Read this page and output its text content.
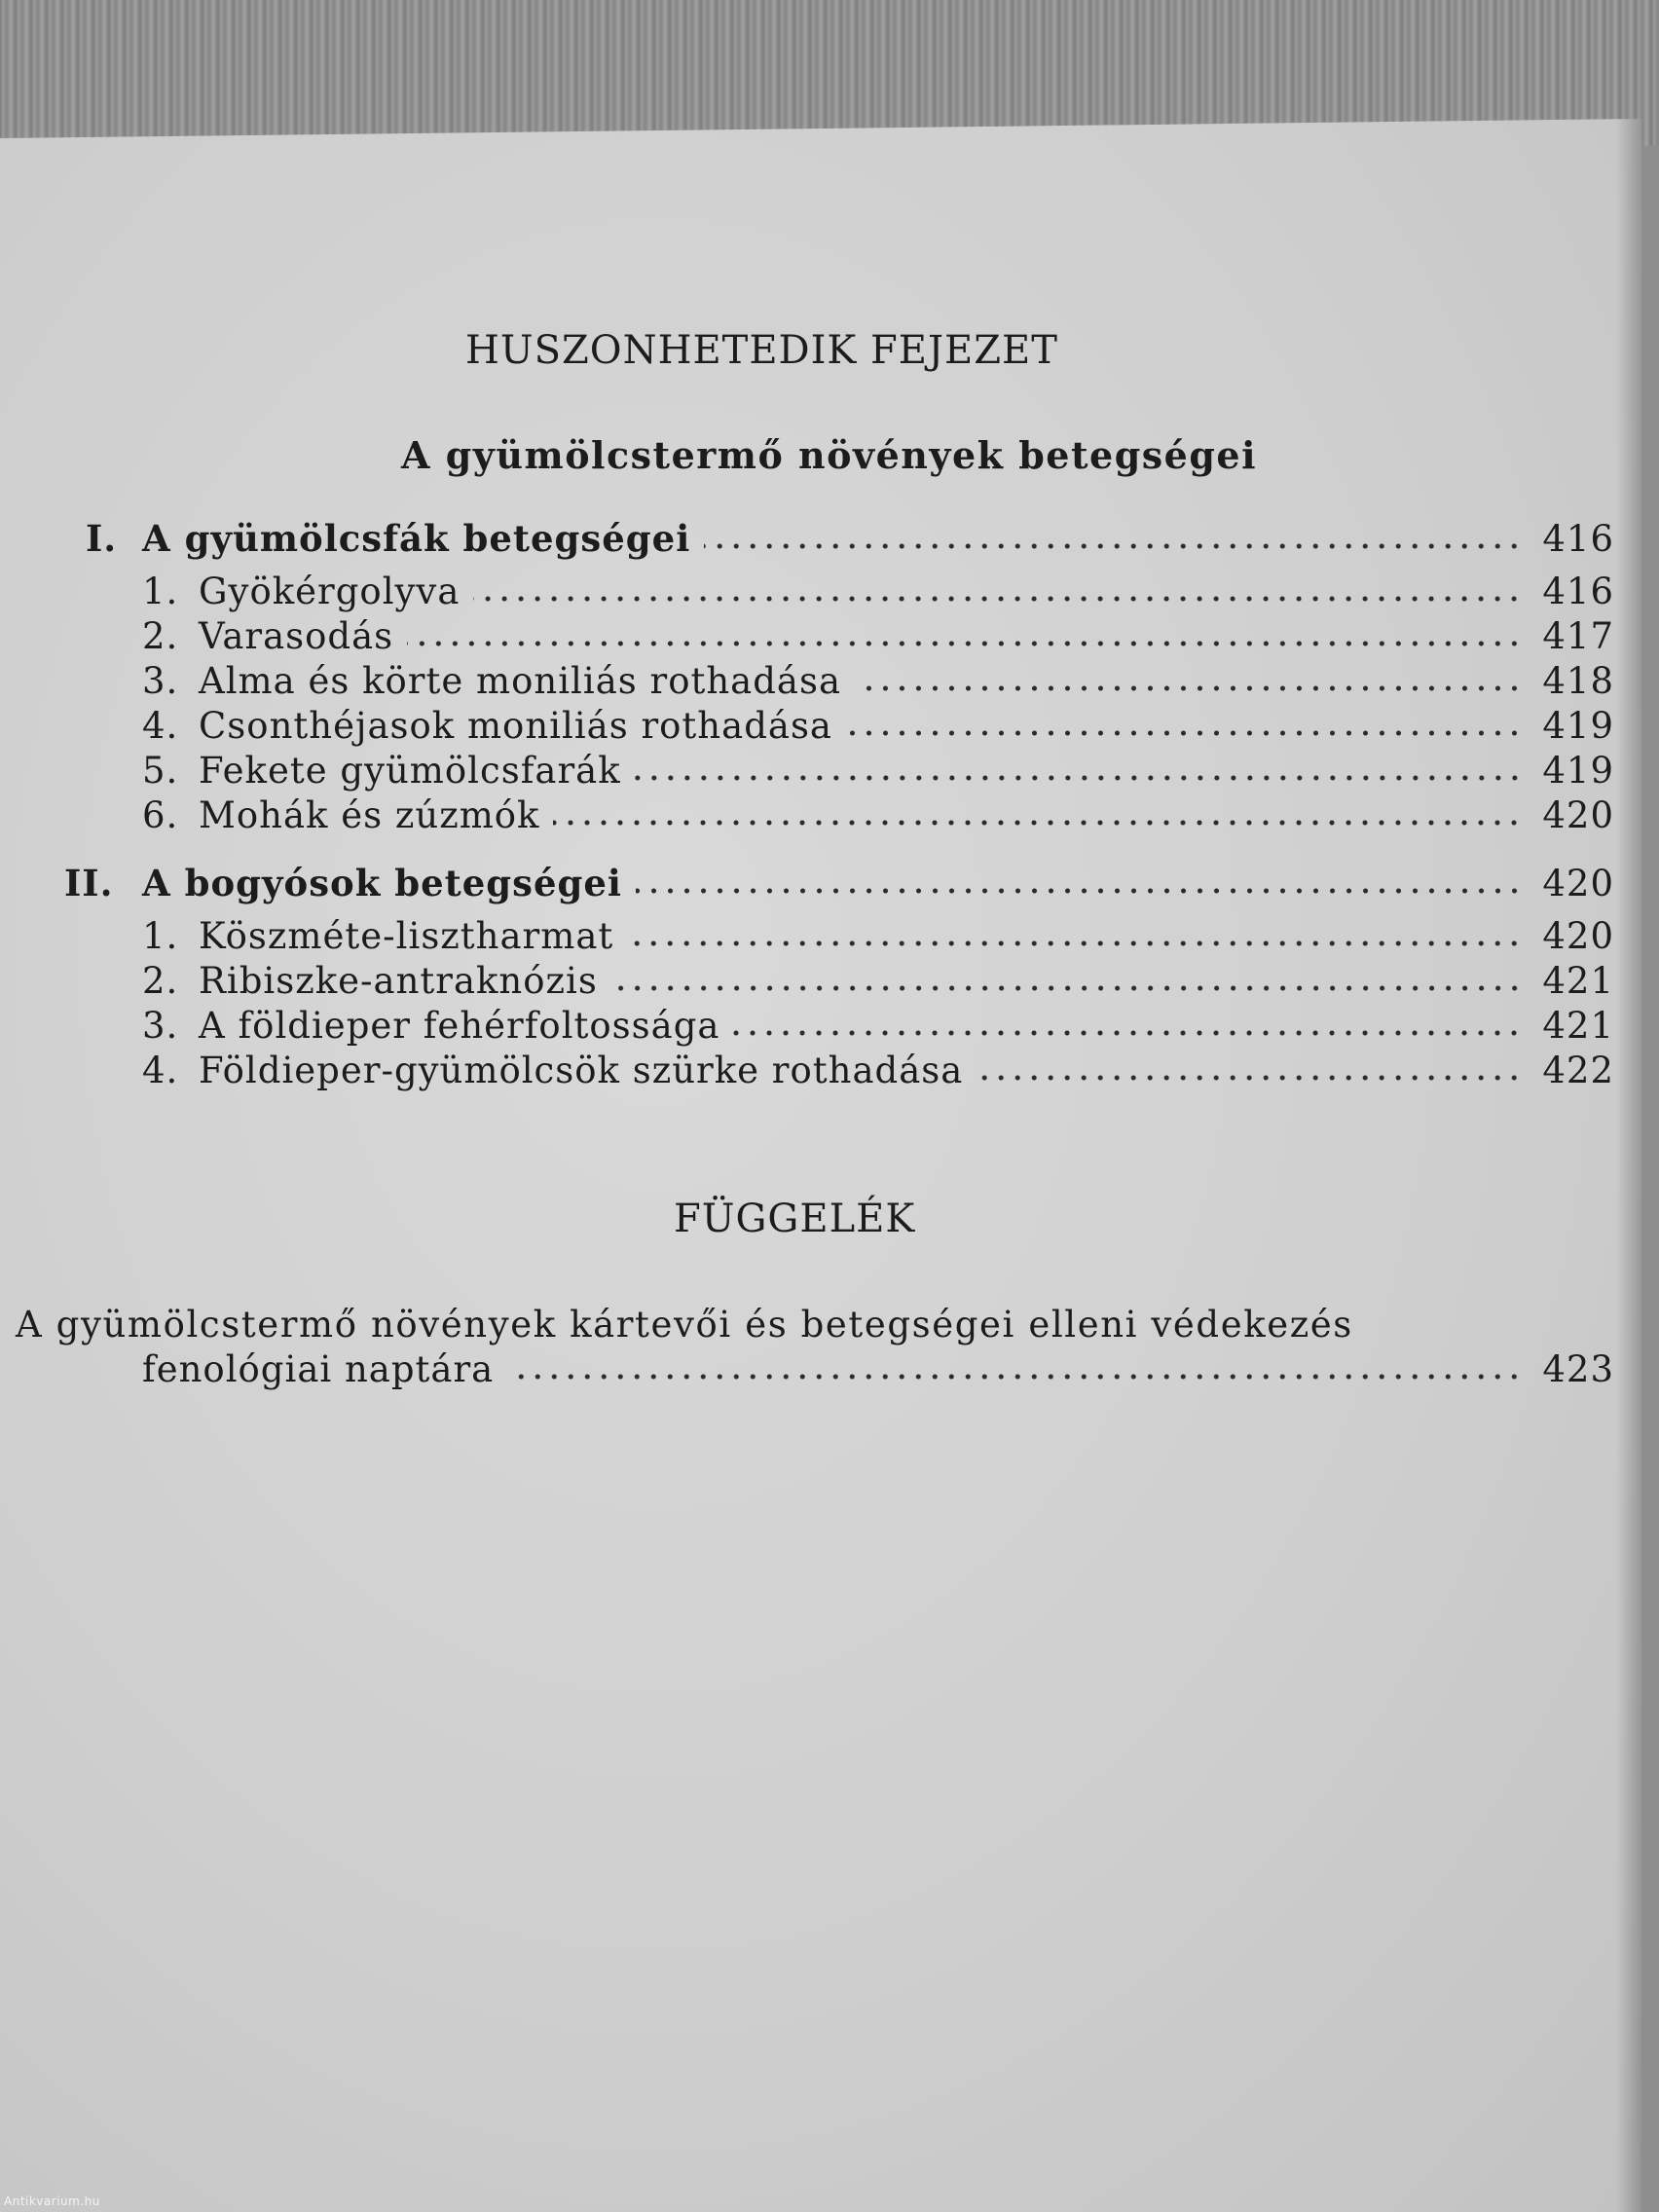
HUSZONHETEDIK FEJEZET
A gyümölcstermő növények betegségei
I. A gyümölcsfák betegségei	416
1. Gyökérgolyva	416
2. Varasodás	417
3. Alma és körte moniliás rothadása	418
4. Csonthéjasok moniliás rothadása	419
5. Fekete gyümölcsfarák	419
6. Mohák és zúzmók	420
II. A bogyósok betegségei	420
1. Köszméte-lisztharmat	420
2. Ribiszke-antraknózis	421
3. A földieper fehérfoltossága	421
4. Földieper-gyümölcsök szürke rothadása	422
FÜGGELÉK
A gyümölcstermő növények kártevői és betegségei elleni védekezés
fenológiai naptára	423
Antikvarium.hu
